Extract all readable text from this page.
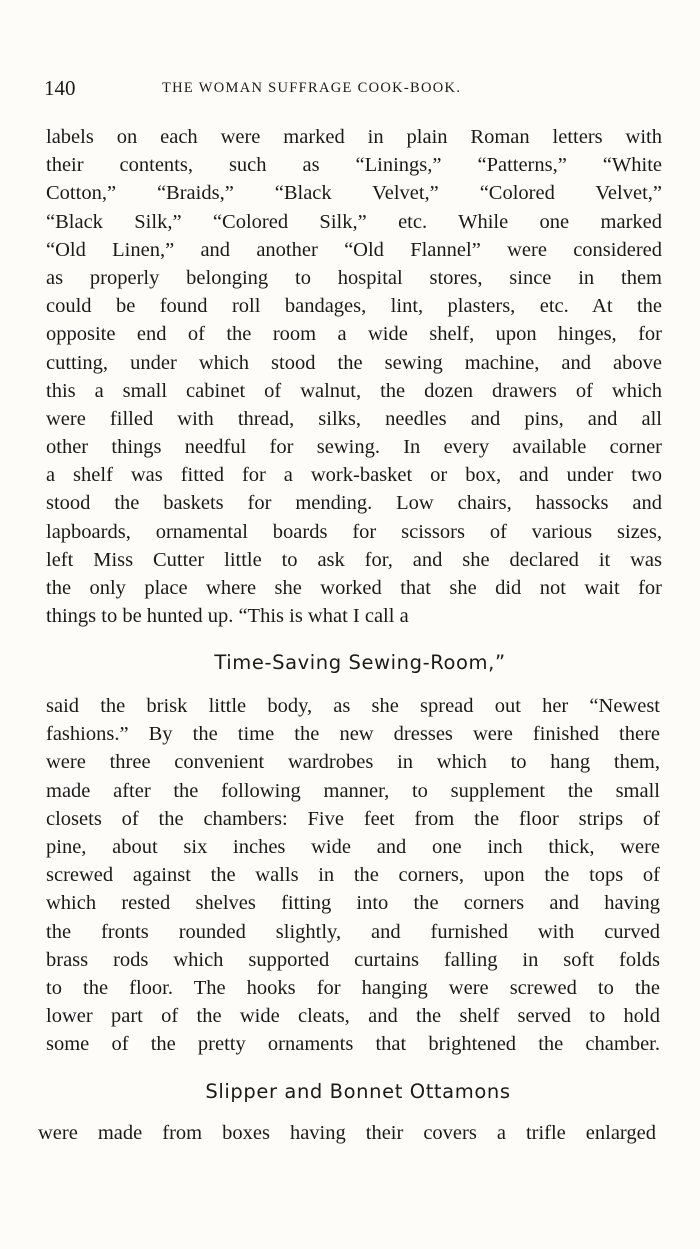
140	THE WOMAN SUFFRAGE COOK-BOOK.
labels on each were marked in plain Roman letters with
their contents, such as “Linings,” “Patterns,” “White
Cotton,” “Braids,” “Black Velvet,” “Colored Velvet,”
“Black Silk,” “Colored Silk,” etc. While one marked
“Old Linen,” and another “Old Flannel” were considered
as properly belonging to hospital stores, since in them
could be found roll bandages, lint, plasters, etc. At the
opposite end of the room a wide shelf, upon hinges, for
cutting, under which stood the sewing machine, and above
this a small cabinet of walnut, the dozen drawers of which
were filled with thread, silks, needles and pins, and all
other things needful for sewing. In every available corner
a shelf was fitted for a work-basket or box, and under two
stood the baskets for mending. Low chairs, hassocks and
lapboards, ornamental boards for scissors of various sizes,
left Miss Cutter little to ask for, and she declared it was
the only place where she worked that she did not wait for
things to be hunted up. “This is what I call a
Time-Saving Sewing-Room,”
said the brisk little body, as she spread out her “Newest
fashions.” By the time the new dresses were finished there
were three convenient wardrobes in which to hang them,
made after the following manner, to supplement the small
closets of the chambers: Five feet from the floor strips of
pine, about six inches wide and one inch thick, were
screwed against the walls in the corners, upon the tops of
which rested shelves fitting into the corners and having
the fronts rounded slightly, and furnished with curved
brass rods which supported curtains falling in soft folds
to the floor. The hooks for hanging were screwed to the
lower part of the wide cleats, and the shelf served to hold
some of the pretty ornaments that brightened the chamber.
Slipper and Bonnet Ottamons
were made from boxes having their covers a trifle enlarged
